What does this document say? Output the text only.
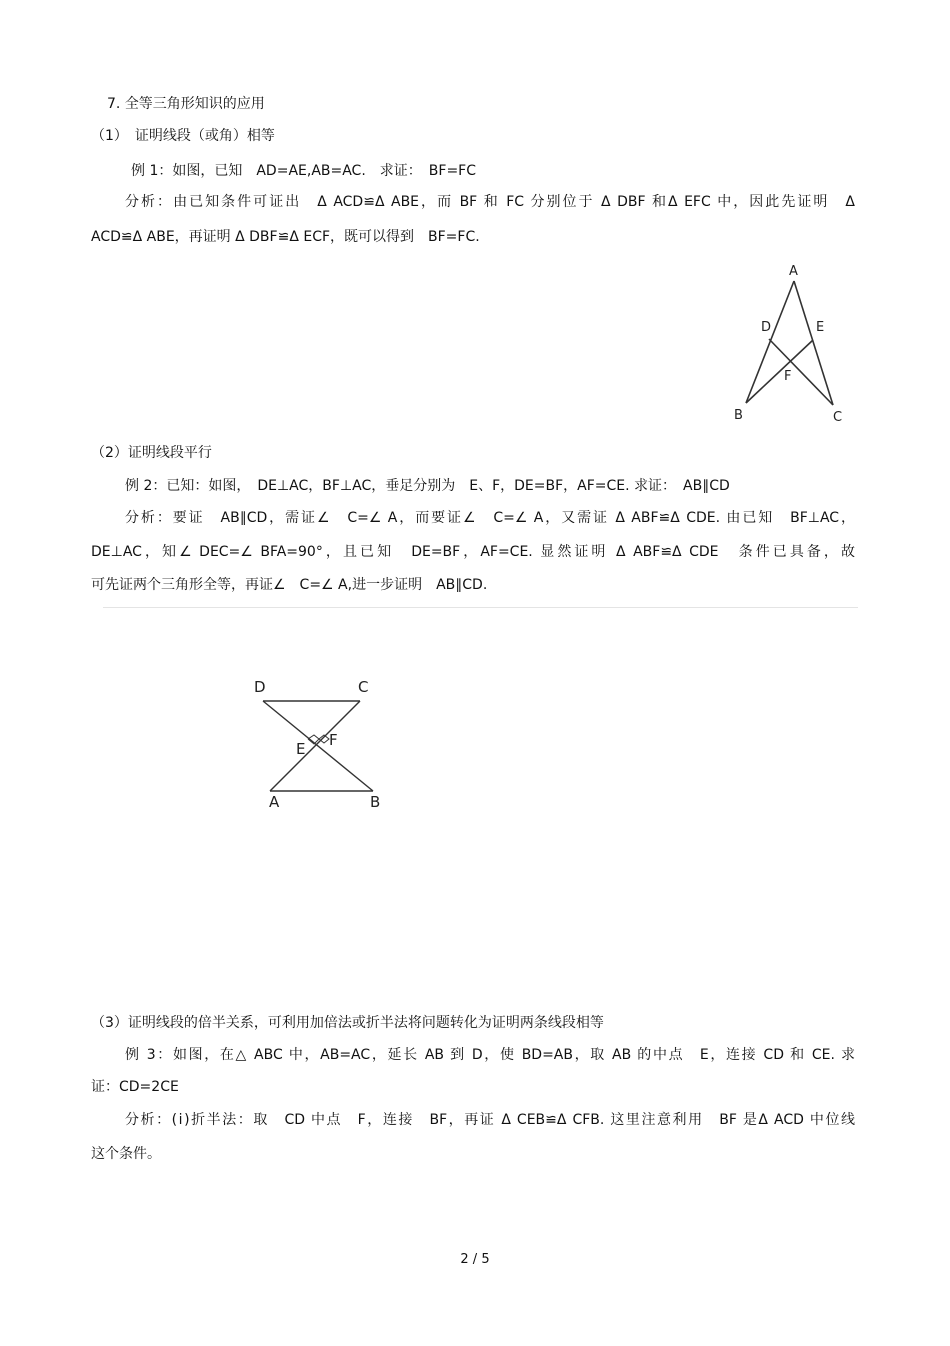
7. 全等三角形知识的应用
（1）　证明线段（或角）相等
例 1：如图，已知　AD=AE,AB=AC.　求证：　BF=FC
分析：由已知条件可证出　Δ ACD≌Δ ABE，而 BF 和 FC 分别位于 Δ DBF 和Δ EFC 中，因此先证明　Δ
ACD≌Δ ABE，再证明 Δ DBF≌Δ ECF，既可以得到　BF=FC.
A
D	E
F
B	C
（2）证明线段平行
例 2：已知：如图，　DE⊥AC，BF⊥AC，垂足分别为　E、F，DE=BF，AF=CE. 求证：　AB∥CD
分析：要证　AB∥CD，需证∠　C=∠ A，而要证∠　C=∠ A，又需证 Δ ABF≌Δ CDE. 由已知　BF⊥AC，
DE⊥AC，知∠ DEC=∠ BFA=90°，且已知　DE=BF，AF=CE. 显然证明 Δ ABF≌Δ CDE　条件已具备，故
可先证两个三角形全等，再证∠　C=∠ A,进一步证明　AB∥CD.
D	C
E F
A	B
（3）证明线段的倍半关系，可利用加倍法或折半法将问题转化为证明两条线段相等
例 3：如图，在△ ABC 中，AB=AC，延长 AB 到 D，使 BD=AB，取 AB 的中点　E，连接 CD 和 CE. 求
证：CD=2CE
分析：(ⅰ)折半法：取　CD 中点　F，连接　BF，再证 Δ CEB≌Δ CFB. 这里注意利用　BF 是Δ ACD 中位线
这个条件。
2 / 5
